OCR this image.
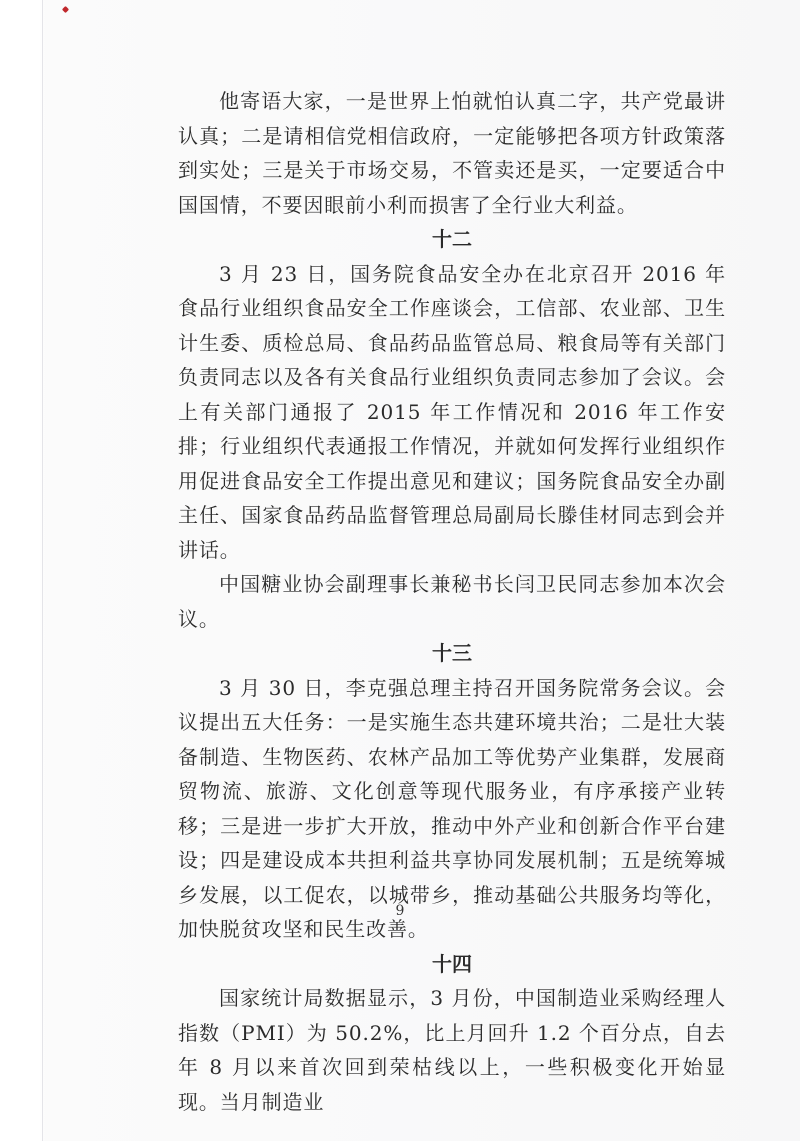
他寄语大家，一是世界上怕就怕认真二字，共产党最讲认真；二是请相信党相信政府，一定能够把各项方针政策落到实处；三是关于市场交易，不管卖还是买，一定要适合中国国情，不要因眼前小利而损害了全行业大利益。

十二

3 月 23 日，国务院食品安全办在北京召开 2016 年食品行业组织食品安全工作座谈会，工信部、农业部、卫生计生委、质检总局、食品药品监管总局、粮食局等有关部门负责同志以及各有关食品行业组织负责同志参加了会议。会上有关部门通报了 2015 年工作情况和 2016 年工作安排；行业组织代表通报工作情况，并就如何发挥行业组织作用促进食品安全工作提出意见和建议；国务院食品安全办副主任、国家食品药品监督管理总局副局长滕佳材同志到会并讲话。

中国糖业协会副理事长兼秘书长闫卫民同志参加本次会议。

十三

3 月 30 日，李克强总理主持召开国务院常务会议。会议提出五大任务：一是实施生态共建环境共治；二是壮大装备制造、生物医药、农林产品加工等优势产业集群，发展商贸物流、旅游、文化创意等现代服务业，有序承接产业转移；三是进一步扩大开放，推动中外产业和创新合作平台建设；四是建设成本共担利益共享协同发展机制；五是统筹城乡发展，以工促农，以城带乡，推动基础公共服务均等化，加快脱贫攻坚和民生改善。

十四

国家统计局数据显示，3 月份，中国制造业采购经理人指数（PMI）为 50.2%，比上月回升 1.2 个百分点，自去年 8 月以来首次回到荣枯线以上，一些积极变化开始显现。当月制造业

9
